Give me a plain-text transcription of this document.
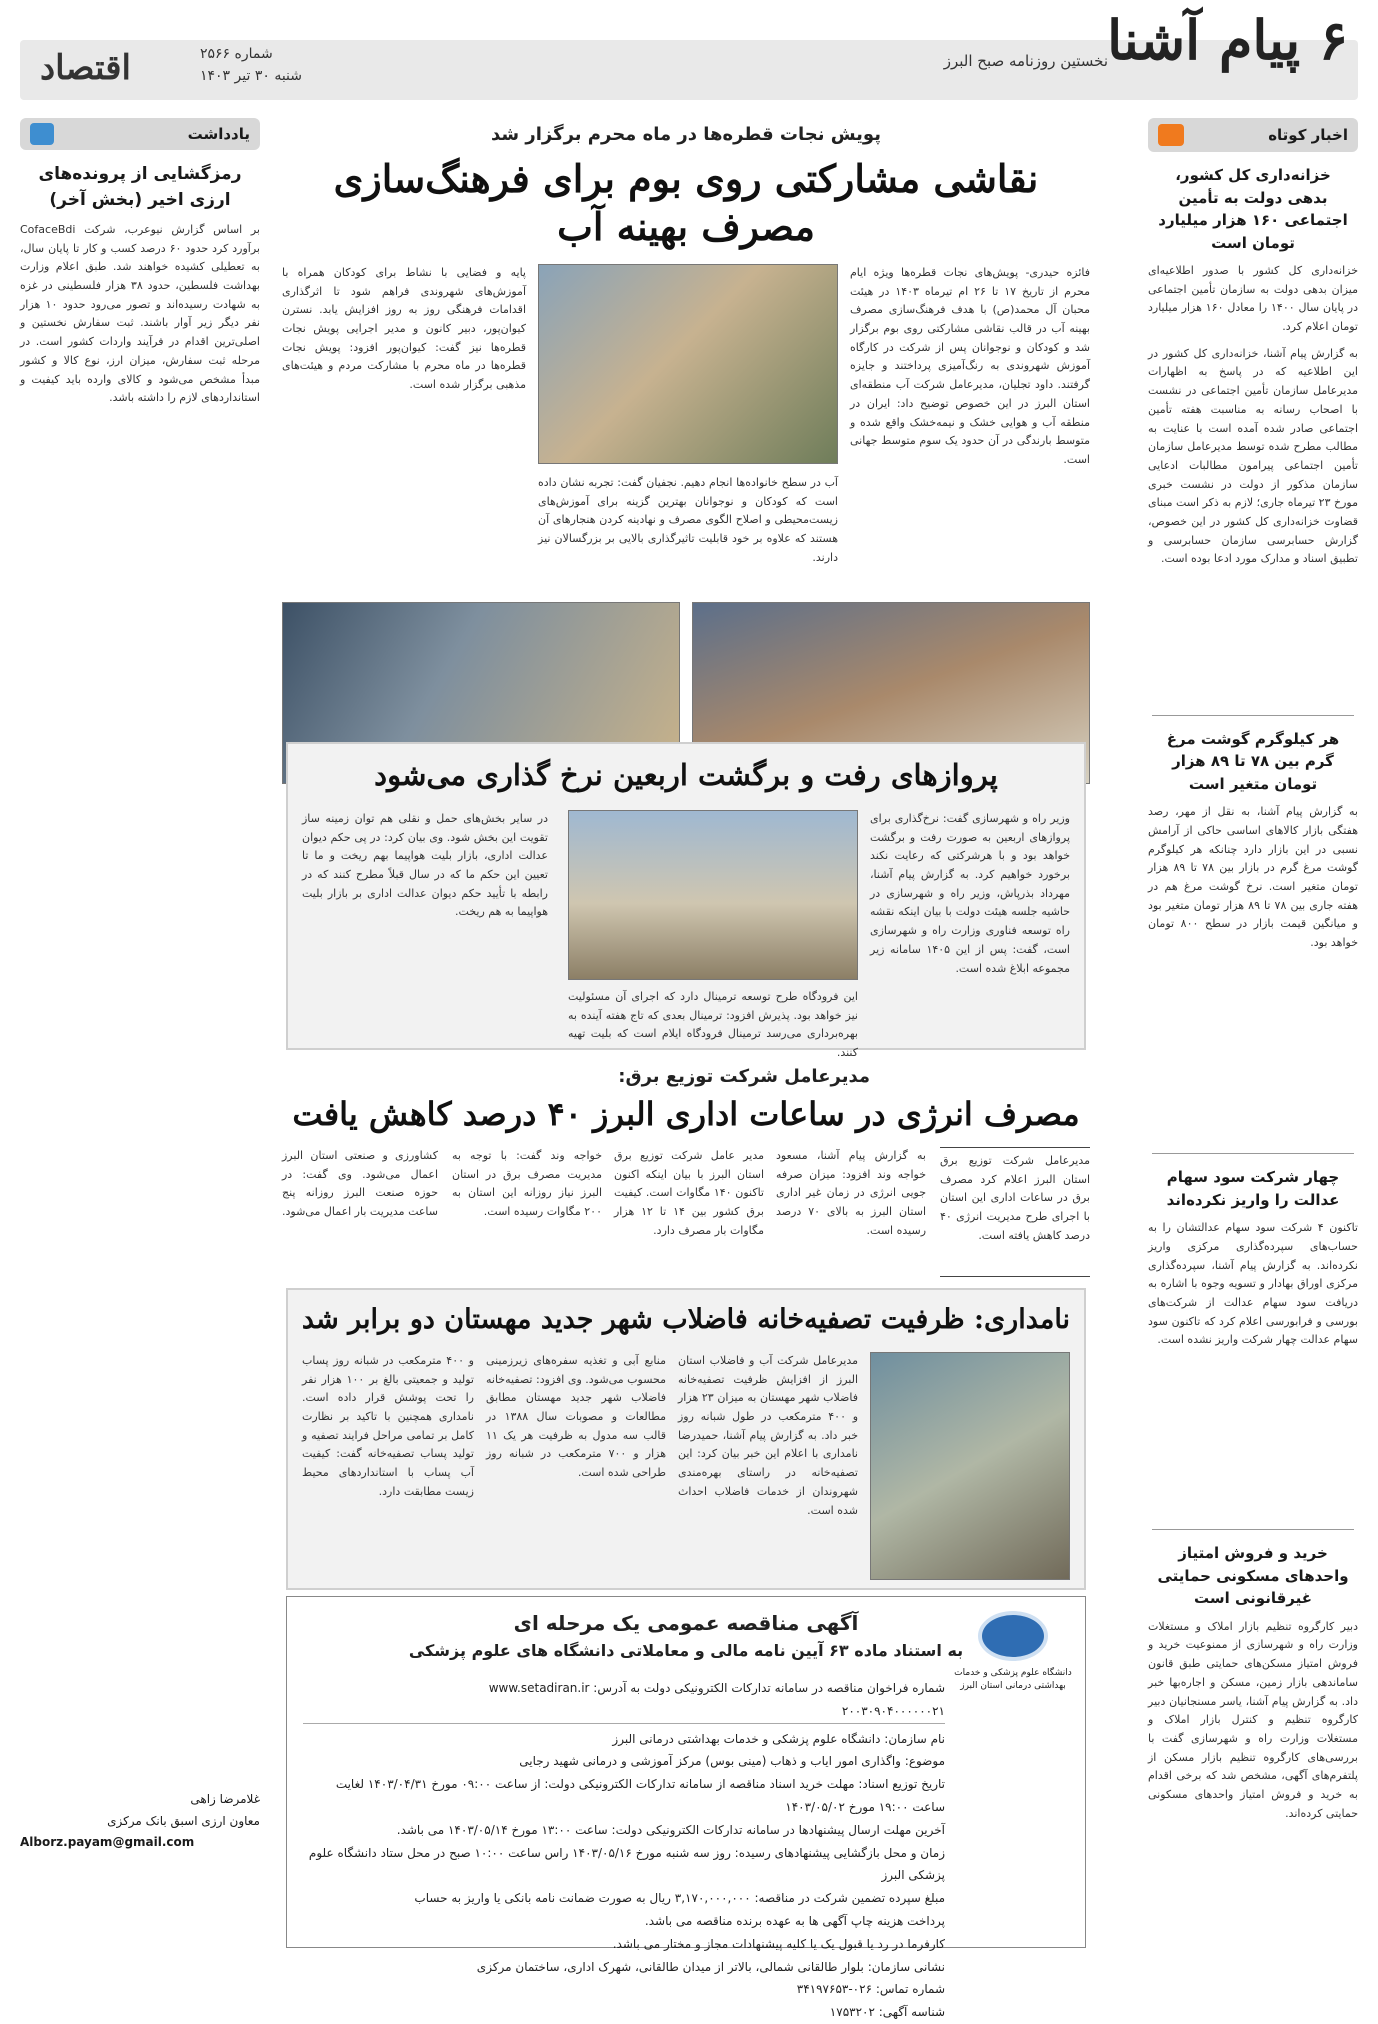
۶ پیام آشنا
نخستین روزنامه صبح البرز
شماره ۲۵۶۶
شنبه ۳۰ تیر ۱۴۰۳
اقتصاد
اخبار کوتاه
خزانه‌داری کل کشور، بدهی دولت به تأمین اجتماعی ۱۶۰ هزار میلیارد تومان است

خزانه‌داری کل کشور با صدور اطلاعیه‌ای میزان بدهی دولت به سازمان تأمین اجتماعی در پایان سال ۱۴۰۰ را معادل ۱۶۰ هزار میلیارد تومان اعلام کرد.

به گزارش پیام آشنا، خزانه‌داری کل کشور در این اطلاعیه که در پاسخ به اظهارات مدیرعامل سازمان تأمین اجتماعی در نشست با اصحاب رسانه به مناسبت هفته تأمین اجتماعی صادر شده آمده است با عنایت به مطالب مطرح شده توسط مدیرعامل سازمان تأمین اجتماعی پیرامون مطالبات ادعایی سازمان مذکور از دولت در نشست خبری مورخ ۲۳ تیرماه جاری؛ لازم به ذکر است مبنای قضاوت خزانه‌داری کل کشور در این خصوص، گزارش حسابرسی سازمان حسابرسی و تطبیق اسناد و مدارک مورد ادعا بوده است.

هر کیلوگرم گوشت مرغ گرم بین ۷۸ تا ۸۹ هزار تومان متغیر است

به گزارش پیام آشنا، به نقل از مهر، رصد هفتگی بازار کالاهای اساسی حاکی از آرامش نسبی در این بازار دارد چنانکه هر کیلوگرم گوشت مرغ گرم در بازار بین ۷۸ تا ۸۹ هزار تومان متغیر است. نرخ گوشت مرغ هم در هفته جاری بین ۷۸ تا ۸۹ هزار تومان متغیر بود و میانگین قیمت بازار در سطح ۸۰۰ تومان خواهد بود.

چهار شرکت سود سهام عدالت را واریز نکرده‌اند

تاکنون ۴ شرکت سود سهام عدالتشان را به حساب‌های سپرده‌گذاری مرکزی واریز نکرده‌اند. به گزارش پیام آشنا، سپرده‌گذاری مرکزی اوراق بهادار و تسویه وجوه با اشاره به دریافت سود سهام عدالت از شرکت‌های بورسی و فرابورسی اعلام کرد که تاکنون سود سهام عدالت چهار شرکت واریز نشده است.

خرید و فروش امتیاز واحدهای مسکونی حمایتی غیرقانونی است

دبیر کارگروه تنظیم بازار املاک و مستغلات وزارت راه و شهرسازی از ممنوعیت خرید و فروش امتیاز مسکن‌های حمایتی طبق قانون ساماندهی بازار زمین، مسکن و اجاره‌بها خبر داد. به گزارش پیام آشنا، یاسر مسنجانیان دبیر کارگروه تنظیم و کنترل بازار املاک و مستغلات وزارت راه و شهرسازی گفت با بررسی‌های کارگروه تنظیم بازار مسکن از پلتفرم‌های آگهی، مشخص شد که برخی اقدام به خرید و فروش امتیاز واحدهای مسکونی حمایتی کرده‌اند.

پویش نجات قطره‌ها در ماه محرم برگزار شد
نقاشی مشارکتی روی بوم برای فرهنگ‌سازی مصرف بهینه آب

فائزه حیدری- پویش‌های نجات قطره‌ها ویژه ایام محرم از تاریخ ۱۷ تا ۲۶ ام تیرماه ۱۴۰۳ در هیئت محبان آل محمد(ص) با هدف فرهنگ‌سازی مصرف بهینه آب در قالب نقاشی مشارکتی روی بوم برگزار شد و کودکان و نوجوانان پس از شرکت در کارگاه آموزش شهروندی به رنگ‌آمیزی پرداختند و جایزه گرفتند. داود تجلیان، مدیرعامل شرکت آب منطقه‌ای استان البرز در این خصوص توضیح داد: ایران در منطقه آب و هوایی خشک و نیمه‌خشک واقع شده و متوسط بارندگی در آن حدود یک سوم متوسط جهانی است.

آب در سطح خانواده‌ها انجام دهیم. نجفیان گفت: تجربه نشان داده است که کودکان و نوجوانان بهترین گزینه برای آموزش‌های زیست‌محیطی و اصلاح الگوی مصرف و نهادینه کردن هنجارهای آن هستند که علاوه بر خود قابلیت تاثیرگذاری بالایی بر بزرگسالان نیز دارند.

پایه و فضایی با نشاط برای کودکان همراه با آموزش‌های شهروندی فراهم شود تا اثرگذاری اقدامات فرهنگی روز به روز افزایش یابد. نسترن کیوان‌پور، دبیر کانون و مدیر اجرایی پویش نجات قطره‌ها نیز گفت: کیوان‌پور افزود: پویش نجات قطره‌ها در ماه محرم با مشارکت مردم و هیئت‌های مذهبی برگزار شده است.

پروازهای رفت و برگشت اربعین نرخ گذاری می‌شود

وزیر راه و شهرسازی گفت: نرخ‌گذاری برای پروازهای اربعین به صورت رفت و برگشت خواهد بود و با هرشرکتی که رعایت نکند برخورد خواهیم کرد. به گزارش پیام آشنا، مهرداد بذرپاش، وزیر راه و شهرسازی در حاشیه جلسه هیئت دولت با بیان اینکه نقشه راه توسعه فناوری وزارت راه و شهرسازی است، گفت: پس از این ۱۴۰۵ سامانه زیر مجموعه ابلاغ شده است.

این فرودگاه طرح توسعه ترمینال دارد که اجرای آن مسئولیت نیز خواهد بود. پذیرش افزود: ترمینال بعدی که تاج هفته آینده به بهره‌برداری می‌رسد ترمینال فرودگاه ایلام است که بلیت تهیه کنند.

در سایر بخش‌های حمل و نقلی هم توان زمینه ساز تقویت این بخش شود. وی بیان کرد: در پی حکم دیوان عدالت اداری، بازار بلیت هواپیما بهم ریخت و ما تا تعیین این حکم ما که در سال قبلاً مطرح کنند که در رابطه با تأیید حکم دیوان عدالت اداری بر بازار بلیت هواپیما به هم ریخت.

مدیرعامل شرکت توزیع برق:
مصرف انرژی در ساعات اداری البرز ۴۰ درصد کاهش یافت

مدیرعامل شرکت توزیع برق استان البرز اعلام کرد مصرف برق در ساعات اداری این استان با اجرای طرح مدیریت انرژی ۴۰ درصد کاهش یافته است.

به گزارش پیام آشنا، مسعود خواجه وند افزود: میزان صرفه جویی انرژی در زمان غیر اداری استان البرز به بالای ۷۰ درصد رسیده است.

مدیر عامل شرکت توزیع برق استان البرز با بیان اینکه اکنون تاکنون ۱۴۰ مگاوات است. کیفیت برق کشور بین ۱۴ تا ۱۲ هزار مگاوات بار مصرف دارد.

خواجه وند گفت: با توجه به مدیریت مصرف برق در استان البرز نیاز روزانه این استان به ۲۰۰ مگاوات رسیده است.

کشاورزی و صنعتی استان البرز اعمال می‌شود. وی گفت: در حوزه صنعت البرز روزانه پنج ساعت مدیریت بار اعمال می‌شود.

نامداری: ظرفیت تصفیه‌خانه فاضلاب شهر جدید مهستان دو برابر شد

مدیرعامل شرکت آب و فاضلاب استان البرز از افزایش ظرفیت تصفیه‌خانه فاضلاب شهر مهستان به میزان ۲۳ هزار و ۴۰۰ مترمکعب در طول شبانه روز خبر داد. به گزارش پیام آشنا، حمیدرضا نامداری با اعلام این خبر بیان کرد: این تصفیه‌خانه در راستای بهره‌مندی شهروندان از خدمات فاضلاب احداث شده است.

منابع آبی و تغذیه سفره‌های زیرزمینی محسوب می‌شود. وی افزود: تصفیه‌خانه فاضلاب شهر جدید مهستان مطابق مطالعات و مصوبات سال ۱۳۸۸ در قالب سه مدول به ظرفیت هر یک ۱۱ هزار و ۷۰۰ مترمکعب در شبانه روز طراحی شده است.

و ۴۰۰ مترمکعب در شبانه روز پساب تولید و جمعیتی بالغ بر ۱۰۰ هزار نفر را تحت پوشش قرار داده است. نامداری همچنین با تاکید بر نظارت کامل بر تمامی مراحل فرایند تصفیه و تولید پساب تصفیه‌خانه گفت: کیفیت آب پساب با استانداردهای محیط زیست مطابقت دارد.

دانشگاه علوم پزشکی و خدمات بهداشتی درمانی استان البرز
آگهی مناقصه عمومی یک مرحله ای
به استناد ماده ۶۳ آیین نامه مالی و معاملاتی دانشگاه های علوم پزشکی
شماره فراخوان مناقصه در سامانه تدارکات الکترونیکی دولت به آدرس: www.setadiran.ir
۲۰۰۳۰۹۰۴۰۰۰۰۰۰۲۱
نام سازمان: دانشگاه علوم پزشکی و خدمات بهداشتی درمانی البرز
موضوع: واگذاری امور ایاب و ذهاب (مینی بوس) مرکز آموزشی و درمانی شهید رجایی
تاریخ توزیع اسناد: مهلت خرید اسناد مناقصه از سامانه تدارکات الکترونیکی دولت: از ساعت ۰۹:۰۰ مورخ ۱۴۰۳/۰۴/۳۱ لغایت ساعت ۱۹:۰۰ مورخ ۱۴۰۳/۰۵/۰۲
آخرین مهلت ارسال پیشنهادها در سامانه تدارکات الکترونیکی دولت: ساعت ۱۳:۰۰ مورخ ۱۴۰۳/۰۵/۱۴ می باشد.
زمان و محل بازگشایی پیشنهادهای رسیده: روز سه شنبه مورخ ۱۴۰۳/۰۵/۱۶ راس ساعت ۱۰:۰۰ صبح در محل ستاد دانشگاه علوم پزشکی البرز
مبلغ سپرده تضمین شرکت در مناقصه: ۳,۱۷۰,۰۰۰,۰۰۰ ریال به صورت ضمانت نامه بانکی یا واریز به حساب
پرداخت هزینه چاپ آگهی ها به عهده برنده مناقصه می باشد.
کارفرما در رد یا قبول یک یا کلیه پیشنهادات مجاز و مختار می باشد.
نشانی سازمان: بلوار طالقانی شمالی، بالاتر از میدان طالقانی، شهرک اداری، ساختمان مرکزی
شماره تماس: ۰۲۶-۳۴۱۹۷۶۵۳
شناسه آگهی: ۱۷۵۳۲۰۲
یادداشت
رمزگشایی از پرونده‌های ارزی اخیر (بخش آخر)

بر اساس گزارش نیوعرب، شرکت CofaceBdi برآورد کرد حدود ۶۰ درصد کسب و کار تا پایان سال، به تعطیلی کشیده خواهند شد. طبق اعلام وزارت بهداشت فلسطین، حدود ۳۸ هزار فلسطینی در غزه به شهادت رسیده‌اند و تصور می‌رود حدود ۱۰ هزار نفر دیگر زیر آوار باشند. ثبت سفارش نخستین و اصلی‌ترین اقدام در فرآیند واردات کشور است. در مرحله ثبت سفارش، میزان ارز، نوع کالا و کشور مبدأ مشخص می‌شود و کالای وارده باید کیفیت و استانداردهای لازم را داشته باشد.

غلامرضا زاهی
معاون ارزی اسبق بانک مرکزی
Alborz.payam@gmail.com
